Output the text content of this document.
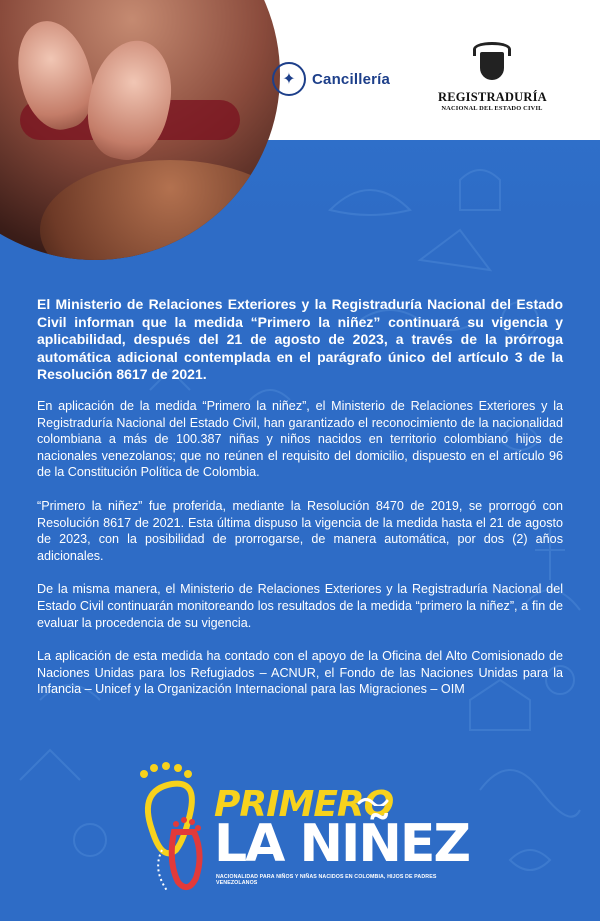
✦	Cancillería
REGISTRADURÍA
NACIONAL DEL ESTADO CIVIL

El Ministerio de Relaciones Exteriores y la Registraduría Nacional del Estado Civil informan que la medida “Primero la niñez” continuará su vigencia y aplicabilidad, después del 21 de agosto de 2023, a través de la prórroga automática adicional contemplada en el parágrafo único del artículo 3 de la Resolución 8617 de 2021.

En aplicación de la medida “Primero la niñez”, el Ministerio de Relaciones Exteriores y la Registraduría Nacional del Estado Civil, han garantizado el reconocimiento de la nacionalidad colombiana a más de 100.387 niñas y niños nacidos en territorio colombiano hijos de nacionales venezolanos; que no reúnen el requisito del domicilio, dispuesto en el artículo 96 de la Constitución Política de Colombia.

“Primero la niñez” fue proferida, mediante la Resolución 8470 de 2019, se prorrogó con Resolución 8617 de 2021. Esta última dispuso la vigencia de la medida hasta el 21 de agosto de 2023, con la posibilidad de prorrogarse, de manera automática, por dos (2) años adicionales.

De la misma manera, el Ministerio de Relaciones Exteriores y la Registraduría Nacional del Estado Civil continuarán monitoreando los resultados de la medida “primero la niñez”, a fin de evaluar la procedencia de su vigencia.

La aplicación de esta medida ha contado con el apoyo de la Oficina del Alto Comisionado de Naciones Unidas para los Refugiados – ACNUR, el Fondo de las Naciones Unidas para la Infancia – Unicef y la Organización Internacional para las Migraciones – OIM

PRIMERO
LA NIÑEZ
NACIONALIDAD PARA NIÑOS Y NIÑAS NACIDOS EN COLOMBIA, HIJOS DE PADRES VENEZOLANOS
